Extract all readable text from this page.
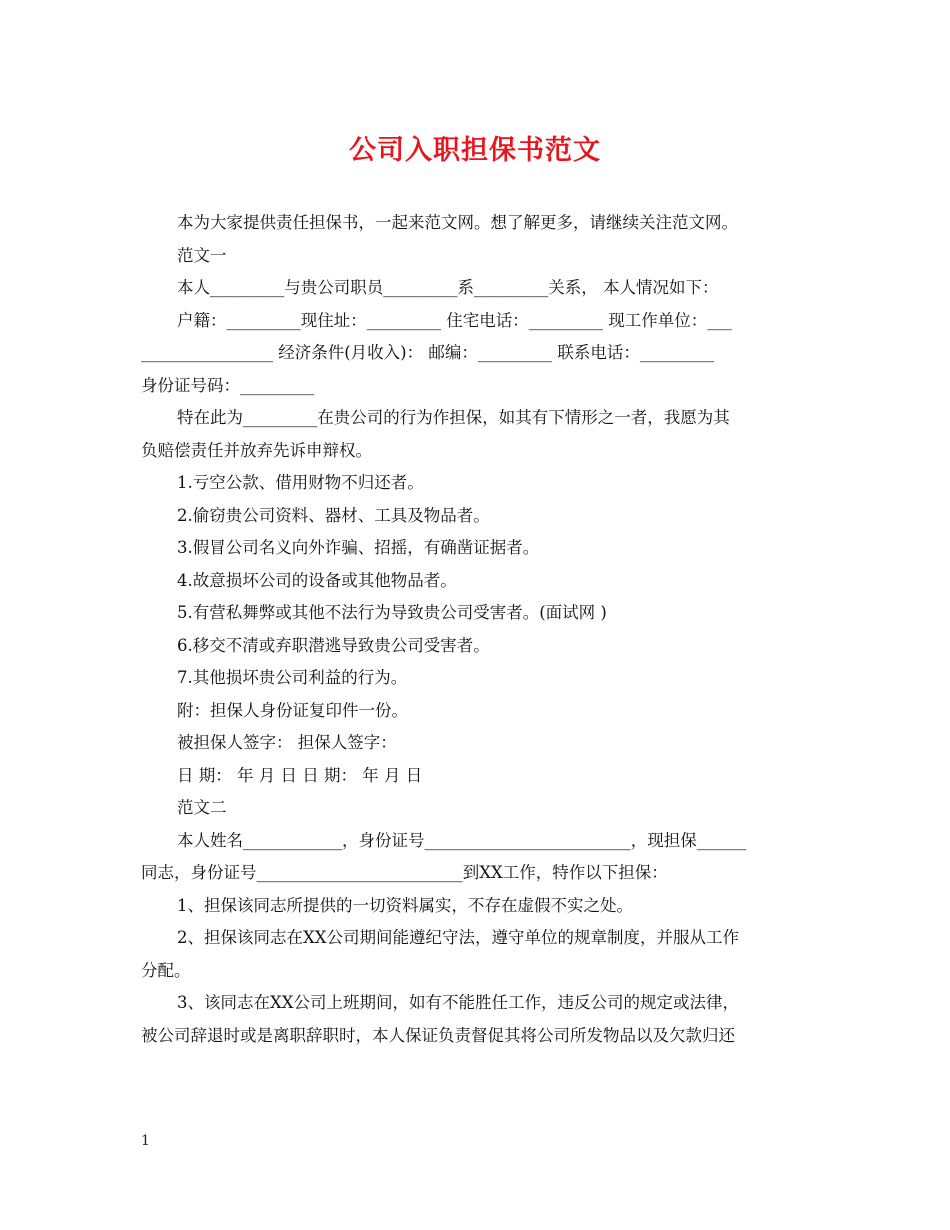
公司入职担保书范文

本为大家提供责任担保书，一起来范文网。想了解更多，请继续关注范文网。

范文一

本人_________与贵公司职员_________系_________关系， 本人情况如下：

户籍：_________现住址：_________ 住宅电话：_________ 现工作单位：___

________________ 经济条件(月收入)： 邮编：_________ 联系电话：_________

身份证号码：_________

特在此为_________在贵公司的行为作担保，如其有下情形之一者，我愿为其

负赔偿责任并放弃先诉申辩权。

1.亏空公款、借用财物不归还者。

2.偷窃贵公司资料、器材、工具及物品者。

3.假冒公司名义向外诈骗、招摇，有确凿证据者。

4.故意损坏公司的设备或其他物品者。

5.有营私舞弊或其他不法行为导致贵公司受害者。(面试网 )

6.移交不清或弃职潜逃导致贵公司受害者。

7.其他损坏贵公司利益的行为。

附：担保人身份证复印件一份。

被担保人签字： 担保人签字：

日 期： 年 月 日 日 期： 年 月 日

范文二

本人姓名____________，身份证号_________________________，现担保______

同志，身份证号_________________________到XX工作，特作以下担保：

1、担保该同志所提供的一切资料属实，不存在虚假不实之处。

2、担保该同志在XX公司期间能遵纪守法，遵守单位的规章制度，并服从工作

分配。

3、该同志在XX公司上班期间，如有不能胜任工作，违反公司的规定或法律，

被公司辞退时或是离职辞职时，本人保证负责督促其将公司所发物品以及欠款归还

1
